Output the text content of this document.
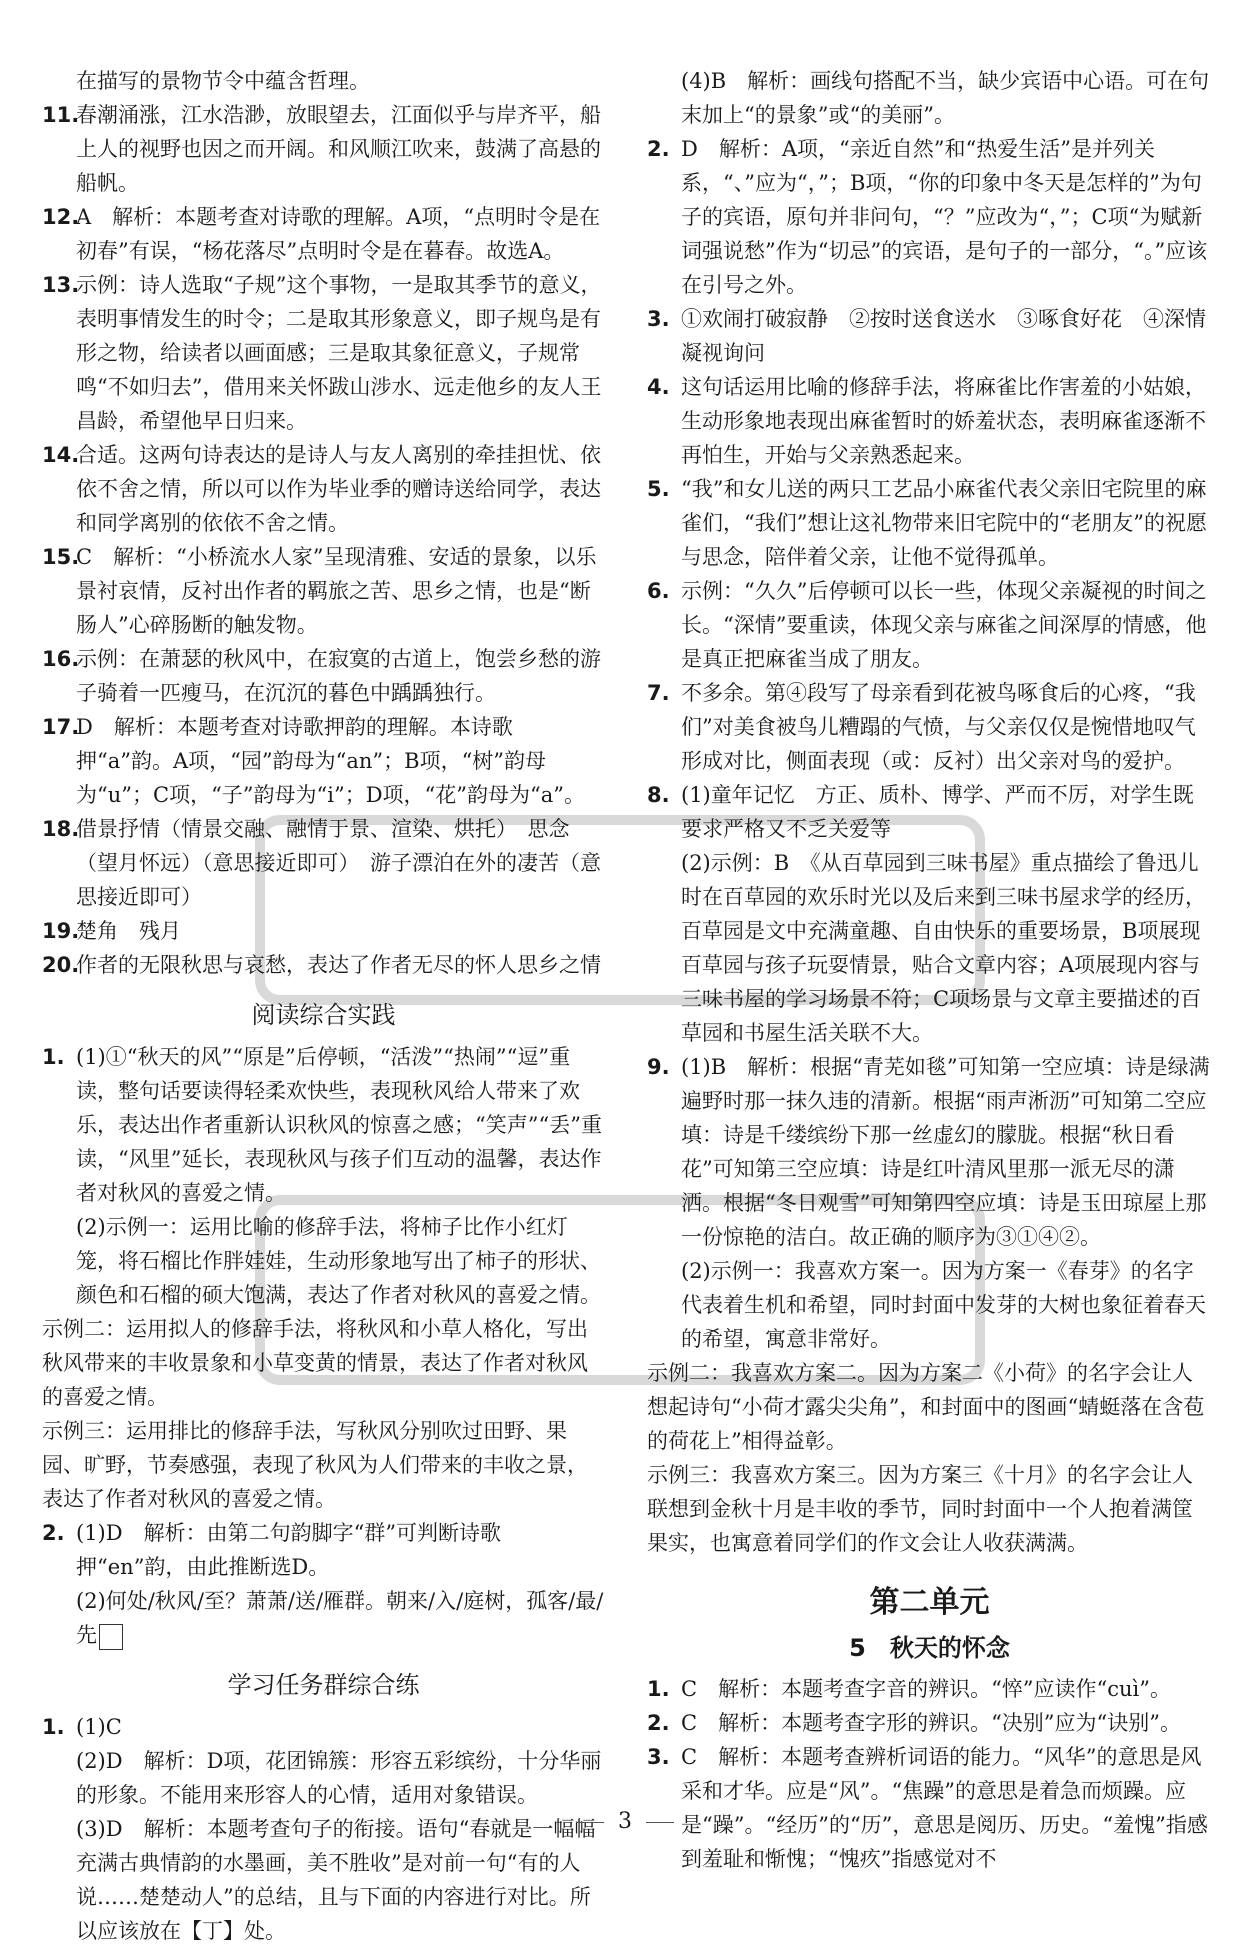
在描写的景物节令中蕴含哲理。
11.
春潮涌涨，江水浩渺，放眼望去，江面似乎与岸齐平，船上人的视野也因之而开阔。和风顺江吹来，鼓满了高悬的船帆。
12.
A　解析：本题考查对诗歌的理解。A项，“点明时令是在初春”有误，“杨花落尽”点明时令是在暮春。故选A。
13.
示例：诗人选取“子规”这个事物，一是取其季节的意义，表明事情发生的时令；二是取其形象意义，即子规鸟是有形之物，给读者以画面感；三是取其象征意义，子规常鸣“不如归去”，借用来关怀跋山涉水、远走他乡的友人王昌龄，希望他早日归来。
14.
合适。这两句诗表达的是诗人与友人离别的牵挂担忧、依依不舍之情，所以可以作为毕业季的赠诗送给同学，表达和同学离别的依依不舍之情。
15.
C　解析：“小桥流水人家”呈现清雅、安适的景象，以乐景衬哀情，反衬出作者的羁旅之苦、思乡之情，也是“断肠人”心碎肠断的触发物。
16.
示例：在萧瑟的秋风中，在寂寞的古道上，饱尝乡愁的游子骑着一匹瘦马，在沉沉的暮色中踽踽独行。
17.
D　解析：本题考查对诗歌押韵的理解。本诗歌押“a”韵。A项，“园”韵母为“an”；B项，“树”韵母为“u”；C项，“子”韵母为“i”；D项，“花”韵母为“a”。
18.
借景抒情（情景交融、融情于景、渲染、烘托）　思念（望月怀远）（意思接近即可）　游子漂泊在外的凄苦（意思接近即可）
19.
楚角　残月
20.
作者的无限秋思与哀愁，表达了作者无尽的怀人思乡之情
阅读综合实践
1. (1)①“秋天的风”“原是”后停顿，“活泼”“热闹”“逗”重读，整句话要读得轻柔欢快些，表现秋风给人带来了欢乐，表达出作者重新认识秋风的惊喜之感；“笑声”“丢”重读，“风里”延长，表现秋风与孩子们互动的温馨，表达作者对秋风的喜爱之情。
(2)示例一：运用比喻的修辞手法，将柿子比作小红灯笼，将石榴比作胖娃娃，生动形象地写出了柿子的形状、颜色和石榴的硕大饱满，表达了作者对秋风的喜爱之情。
示例二：运用拟人的修辞手法，将秋风和小草人格化，写出秋风带来的丰收景象和小草变黄的情景，表达了作者对秋风的喜爱之情。
示例三：运用排比的修辞手法，写秋风分别吹过田野、果园、旷野，节奏感强，表现了秋风为人们带来的丰收之景，表达了作者对秋风的喜爱之情。
2. (1)D　解析：由第二句韵脚字“群”可判断诗歌押“en”韵，由此推断选D。
(2)何处/秋风/至？萧萧/送/雁群。朝来/入/庭树，孤客/最/先
学习任务群综合练
1. (1)C
(2)D　解析：D项，花团锦簇：形容五彩缤纷，十分华丽的形象。不能用来形容人的心情，适用对象错误。
(3)D　解析：本题考查句子的衔接。语句“春就是一幅幅充满古典情韵的水墨画，美不胜收”是对前一句“有的人说……楚楚动人”的总结，且与下面的内容进行对比。所以应该放在【丁】处。
(4)B　解析：画线句搭配不当，缺少宾语中心语。可在句末加上“的景象”或“的美丽”。
2. D　解析：A项，“亲近自然”和“热爱生活”是并列关系，“、”应为“，”；B项，“你的印象中冬天是怎样的”为句子的宾语，原句并非问句，“？”应改为“，”；C项“为赋新词强说愁”作为“切忌”的宾语，是句子的一部分，“。”应该在引号之外。
3. ①欢闹打破寂静　②按时送食送水　③啄食好花　④深情凝视询问
4. 这句话运用比喻的修辞手法，将麻雀比作害羞的小姑娘，生动形象地表现出麻雀暂时的娇羞状态，表明麻雀逐渐不再怕生，开始与父亲熟悉起来。
5. “我”和女儿送的两只工艺品小麻雀代表父亲旧宅院里的麻雀们，“我们”想让这礼物带来旧宅院中的“老朋友”的祝愿与思念，陪伴着父亲，让他不觉得孤单。
6. 示例：“久久”后停顿可以长一些，体现父亲凝视的时间之长。“深情”要重读，体现父亲与麻雀之间深厚的情感，他是真正把麻雀当成了朋友。
7. 不多余。第④段写了母亲看到花被鸟啄食后的心疼，“我们”对美食被鸟儿糟蹋的气愤，与父亲仅仅是惋惜地叹气形成对比，侧面表现（或：反衬）出父亲对鸟的爱护。
8. (1)童年记忆　方正、质朴、博学、严而不厉，对学生既要求严格又不乏关爱等
(2)示例：B　《从百草园到三味书屋》重点描绘了鲁迅儿时在百草园的欢乐时光以及后来到三味书屋求学的经历，百草园是文中充满童趣、自由快乐的重要场景，B项展现百草园与孩子玩耍情景，贴合文章内容；A项展现内容与三味书屋的学习场景不符；C项场景与文章主要描述的百草园和书屋生活关联不大。
9. (1)B　解析：根据“青芜如毯”可知第一空应填：诗是绿满遍野时那一抹久违的清新。根据“雨声淅沥”可知第二空应填：诗是千缕缤纷下那一丝虚幻的朦胧。根据“秋日看花”可知第三空应填：诗是红叶清风里那一派无尽的潇洒。根据“冬日观雪”可知第四空应填：诗是玉田琼屋上那一份惊艳的洁白。故正确的顺序为③①④②。
(2)示例一：我喜欢方案一。因为方案一《春芽》的名字代表着生机和希望，同时封面中发芽的大树也象征着春天的希望，寓意非常好。
示例二：我喜欢方案二。因为方案二《小荷》的名字会让人想起诗句“小荷才露尖尖角”，和封面中的图画“蜻蜓落在含苞的荷花上”相得益彰。
示例三：我喜欢方案三。因为方案三《十月》的名字会让人联想到金秋十月是丰收的季节，同时封面中一个人抱着满筐果实，也寓意着同学们的作文会让人收获满满。
第二单元
5　秋天的怀念
1. C　解析：本题考查字音的辨识。“悴”应读作“cuì”。
2. C　解析：本题考查字形的辨识。“决别”应为“诀别”。
3. C　解析：本题考查辨析词语的能力。“风华”的意思是风采和才华。应是“风”。“焦躁”的意思是着急而烦躁。应是“躁”。“经历”的“历”，意思是阅历、历史。“羞愧”指感到羞耻和惭愧；“愧疚”指感觉对不
3
